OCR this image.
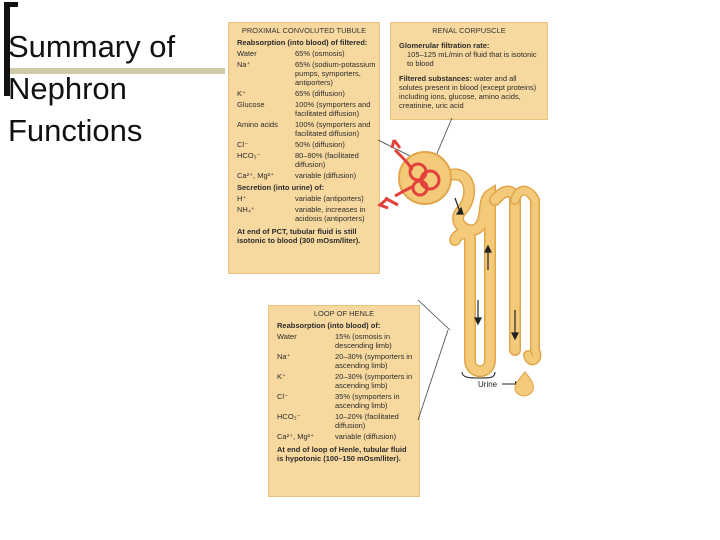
Summary of Nephron Functions
PROXIMAL CONVOLUTED TUBULE
Reabsorption (into blood) of filtered:
Water	65% (osmosis)
Na⁺	65% (sodium-potassium pumps, symporters, antiporters)
K⁺	65% (diffusion)
Glucose	100% (symporters and facilitated diffusion)
Amino acids	100% (symporters and facilitated diffusion)
Cl⁻	50% (diffusion)
HCO₃⁻	80–90% (facilitated diffusion)
Ca²⁺, Mg²⁺	variable (diffusion)
Secretion (into urine) of:
H⁺	variable (antiporters)
NH₄⁺	variable, increases in acidosis (antiporters)
At end of PCT, tubular fluid is still isotonic to blood (300 mOsm/liter).
RENAL CORPUSCLE
Glomerular filtration rate:
105–125 mL/min of fluid that is isotonic to blood
Filtered substances: water and all solutes present in blood (except proteins) including ions, glucose, amino acids, creatinine, uric acid
LOOP OF HENLE
Reabsorption (into blood) of:
Water	15% (osmosis in descending limb)
Na⁺	20–30% (symporters in ascending limb)
K⁺	20–30% (symporters in ascending limb)
Cl⁻	35% (symporters in ascending limb)
HCO₃⁻	10–20% (facilitated diffusion)
Ca²⁺, Mg²⁺	variable (diffusion)
At end of loop of Henle, tubular fluid is hypotonic (100–150 mOsm/liter).
Urine
